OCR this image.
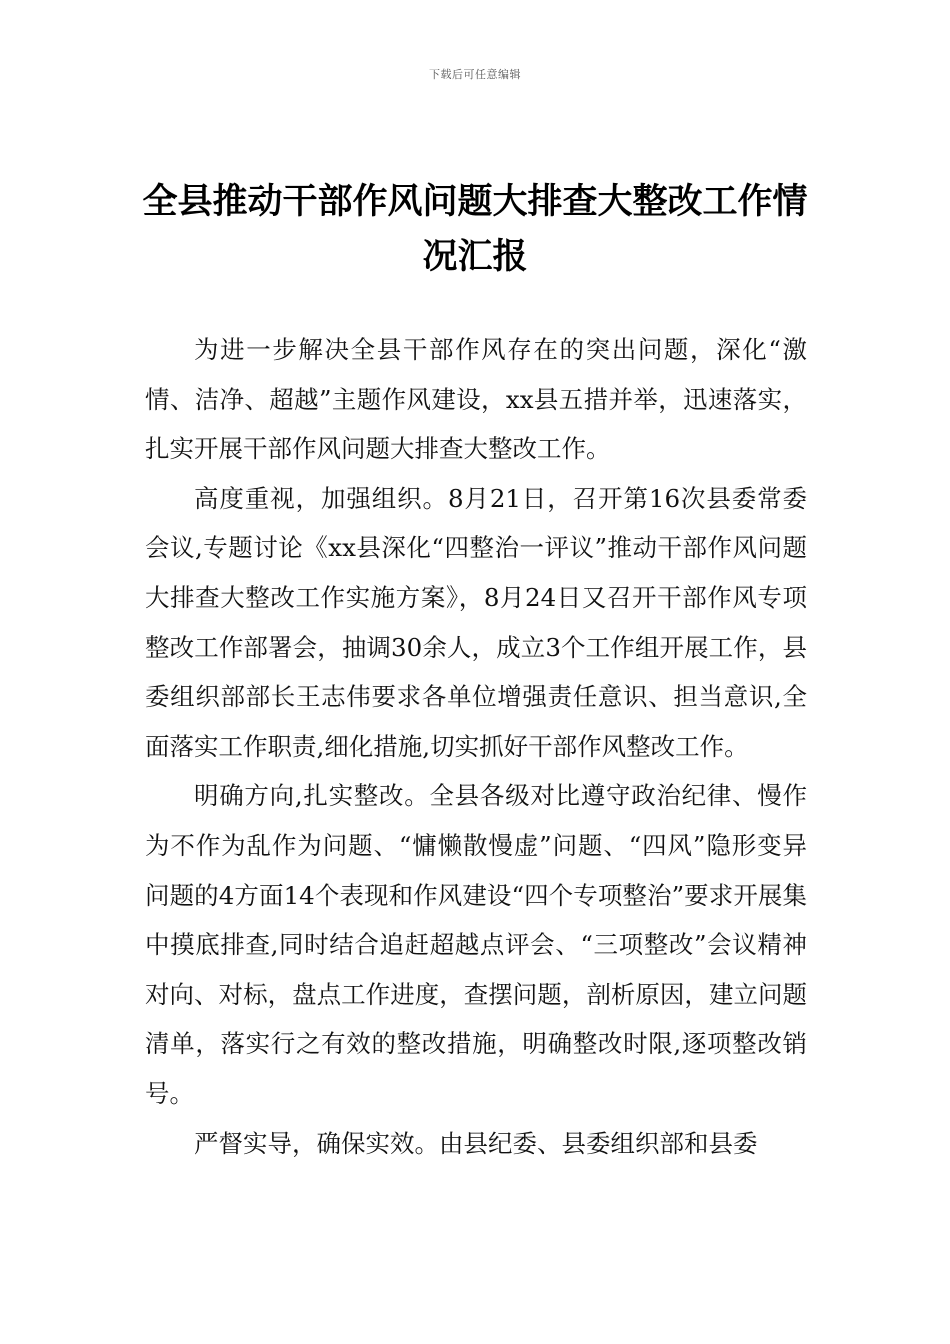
下载后可任意编辑
全县推动干部作风问题大排查大整改工作情况汇报

为进一步解决全县干部作风存在的突出问题，深化“激情、洁净、超越”主题作风建设，xx县五措并举，迅速落实，扎实开展干部作风问题大排查大整改工作。

高度重视，加强组织。8月21日，召开第16次县委常委会议,专题讨论《xx县深化“四整治一评议”推动干部作风问题大排查大整改工作实施方案》，8月24日又召开干部作风专项整改工作部署会，抽调30余人，成立3个工作组开展工作，县委组织部部长王志伟要求各单位增强责任意识、担当意识,全面落实工作职责,细化措施,切实抓好干部作风整改工作。

明确方向,扎实整改。全县各级对比遵守政治纪律、慢作为不作为乱作为问题、“慵懒散慢虚”问题、“四风”隐形变异问题的4方面14个表现和作风建设“四个专项整治”要求开展集中摸底排查,同时结合追赶超越点评会、“三项整改”会议精神对向、对标，盘点工作进度，查摆问题，剖析原因，建立问题清单，落实行之有效的整改措施，明确整改时限,逐项整改销号。

严督实导，确保实效。由县纪委、县委组织部和县委
